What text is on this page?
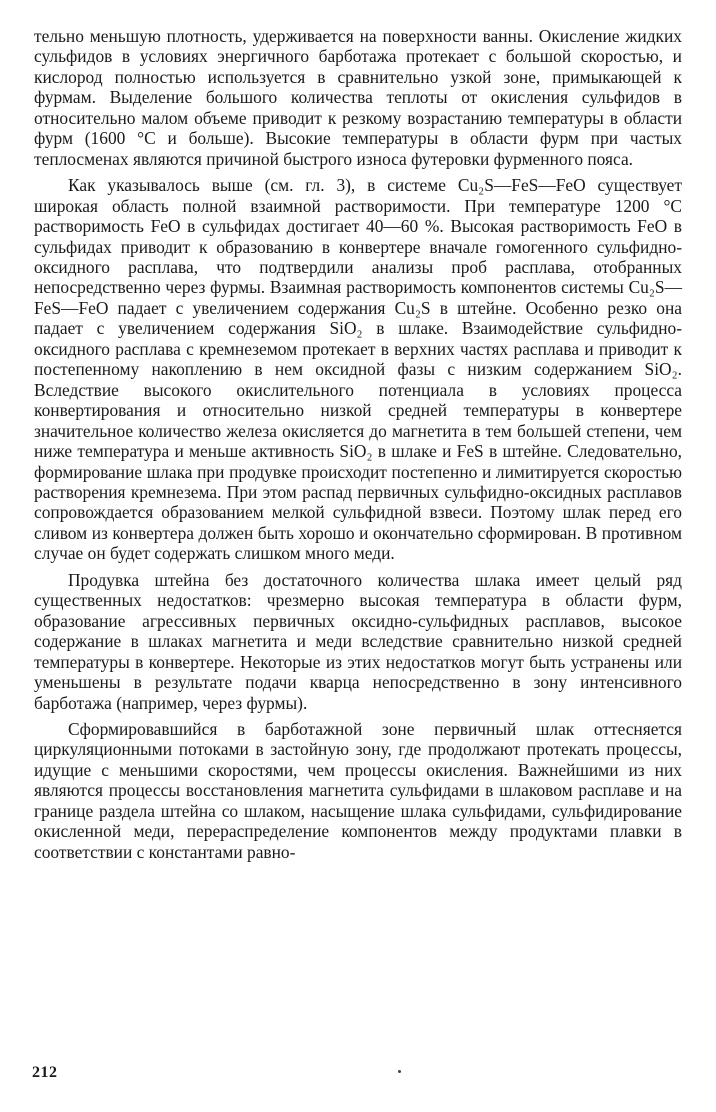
тельно меньшую плотность, удерживается на поверхности ванны. Окисление жидких сульфидов в условиях энергичного барботажа протекает с большой скоростью, и кислород полностью используется в сравнительно узкой зоне, примыкающей к фурмам. Выделение большого количества теплоты от окисления сульфидов в относительно малом объеме приводит к резкому возрастанию температуры в области фурм (1600 °C и больше). Высокие температуры в области фурм при частых теплосменах являются причиной быстрого износа футеровки фурменного пояса.

Как указывалось выше (см. гл. 3), в системе Cu₂S—FeS—FeO существует широкая область полной взаимной растворимости. При температуре 1200 °C растворимость FeO в сульфидах достигает 40—60 %. Высокая растворимость FeO в сульфидах приводит к образованию в конвертере вначале гомогенного сульфидно-оксидного расплава, что подтвердили анализы проб расплава, отобранных непосредственно через фурмы. Взаимная растворимость компонентов системы Cu₂S—FeS—FeO падает с увеличением содержания Cu₂S в штейне. Особенно резко она падает с увеличением содержания SiO₂ в шлаке. Взаимодействие сульфидно-оксидного расплава с кремнеземом протекает в верхних частях расплава и приводит к постепенному накоплению в нем оксидной фазы с низким содержанием SiO₂. Вследствие высокого окислительного потенциала в условиях процесса конвертирования и относительно низкой средней температуры в конвертере значительное количество железа окисляется до магнетита в тем большей степени, чем ниже температура и меньше активность SiO₂ в шлаке и FeS в штейне. Следовательно, формирование шлака при продувке происходит постепенно и лимитируется скоростью растворения кремнезема. При этом распад первичных сульфидно-оксидных расплавов сопровождается образованием мелкой сульфидной взвеси. Поэтому шлак перед его сливом из конвертера должен быть хорошо и окончательно сформирован. В противном случае он будет содержать слишком много меди.

Продувка штейна без достаточного количества шлака имеет целый ряд существенных недостатков: чрезмерно высокая температура в области фурм, образование агрессивных первичных оксидно-сульфидных расплавов, высокое содержание в шлаках магнетита и меди вследствие сравнительно низкой средней температуры в конвертере. Некоторые из этих недостатков могут быть устранены или уменьшены в результате подачи кварца непосредственно в зону интенсивного барботажа (например, через фурмы).

Сформировавшийся в барботажной зоне первичный шлак оттесняется циркуляционными потоками в застойную зону, где продолжают протекать процессы, идущие с меньшими скоростями, чем процессы окисления. Важнейшими из них являются процессы восстановления магнетита сульфидами в шлаковом расплаве и на границе раздела штейна со шлаком, насыщение шлака сульфидами, сульфидирование окисленной меди, перераспределение компонентов между продуктами плавки в соответствии с константами равно-

212
